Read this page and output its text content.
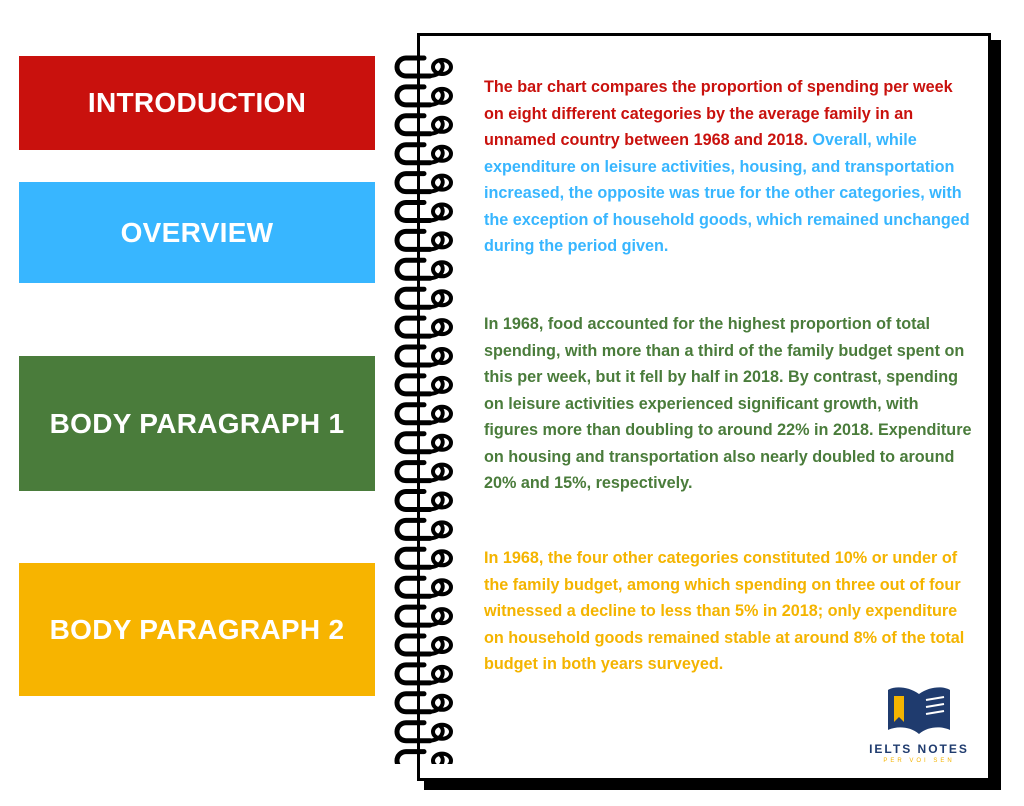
INTRODUCTION
OVERVIEW
BODY PARAGRAPH 1
BODY PARAGRAPH 2

The bar chart compares the proportion of spending per week on eight different categories by the average family in an unnamed country between 1968 and 2018. Overall, while expenditure on leisure activities, housing, and transportation increased, the opposite was true for the other categories, with the exception of household goods, which remained unchanged during the period given.

In 1968, food accounted for the highest proportion of total spending, with more than a third of the family budget spent on this per week, but it fell by half in 2018. By contrast, spending on leisure activities experienced significant growth, with figures more than doubling to around 22% in 2018. Expenditure on housing and transportation also nearly doubled to around 20% and 15%, respectively.

In 1968, the four other categories constituted 10% or under of the family budget, among which spending on three out of four witnessed a decline to less than 5% in 2018; only expenditure on household goods remained stable at around 8% of the total budget in both years surveyed.

IELTS NOTES
PER VOI SEN
